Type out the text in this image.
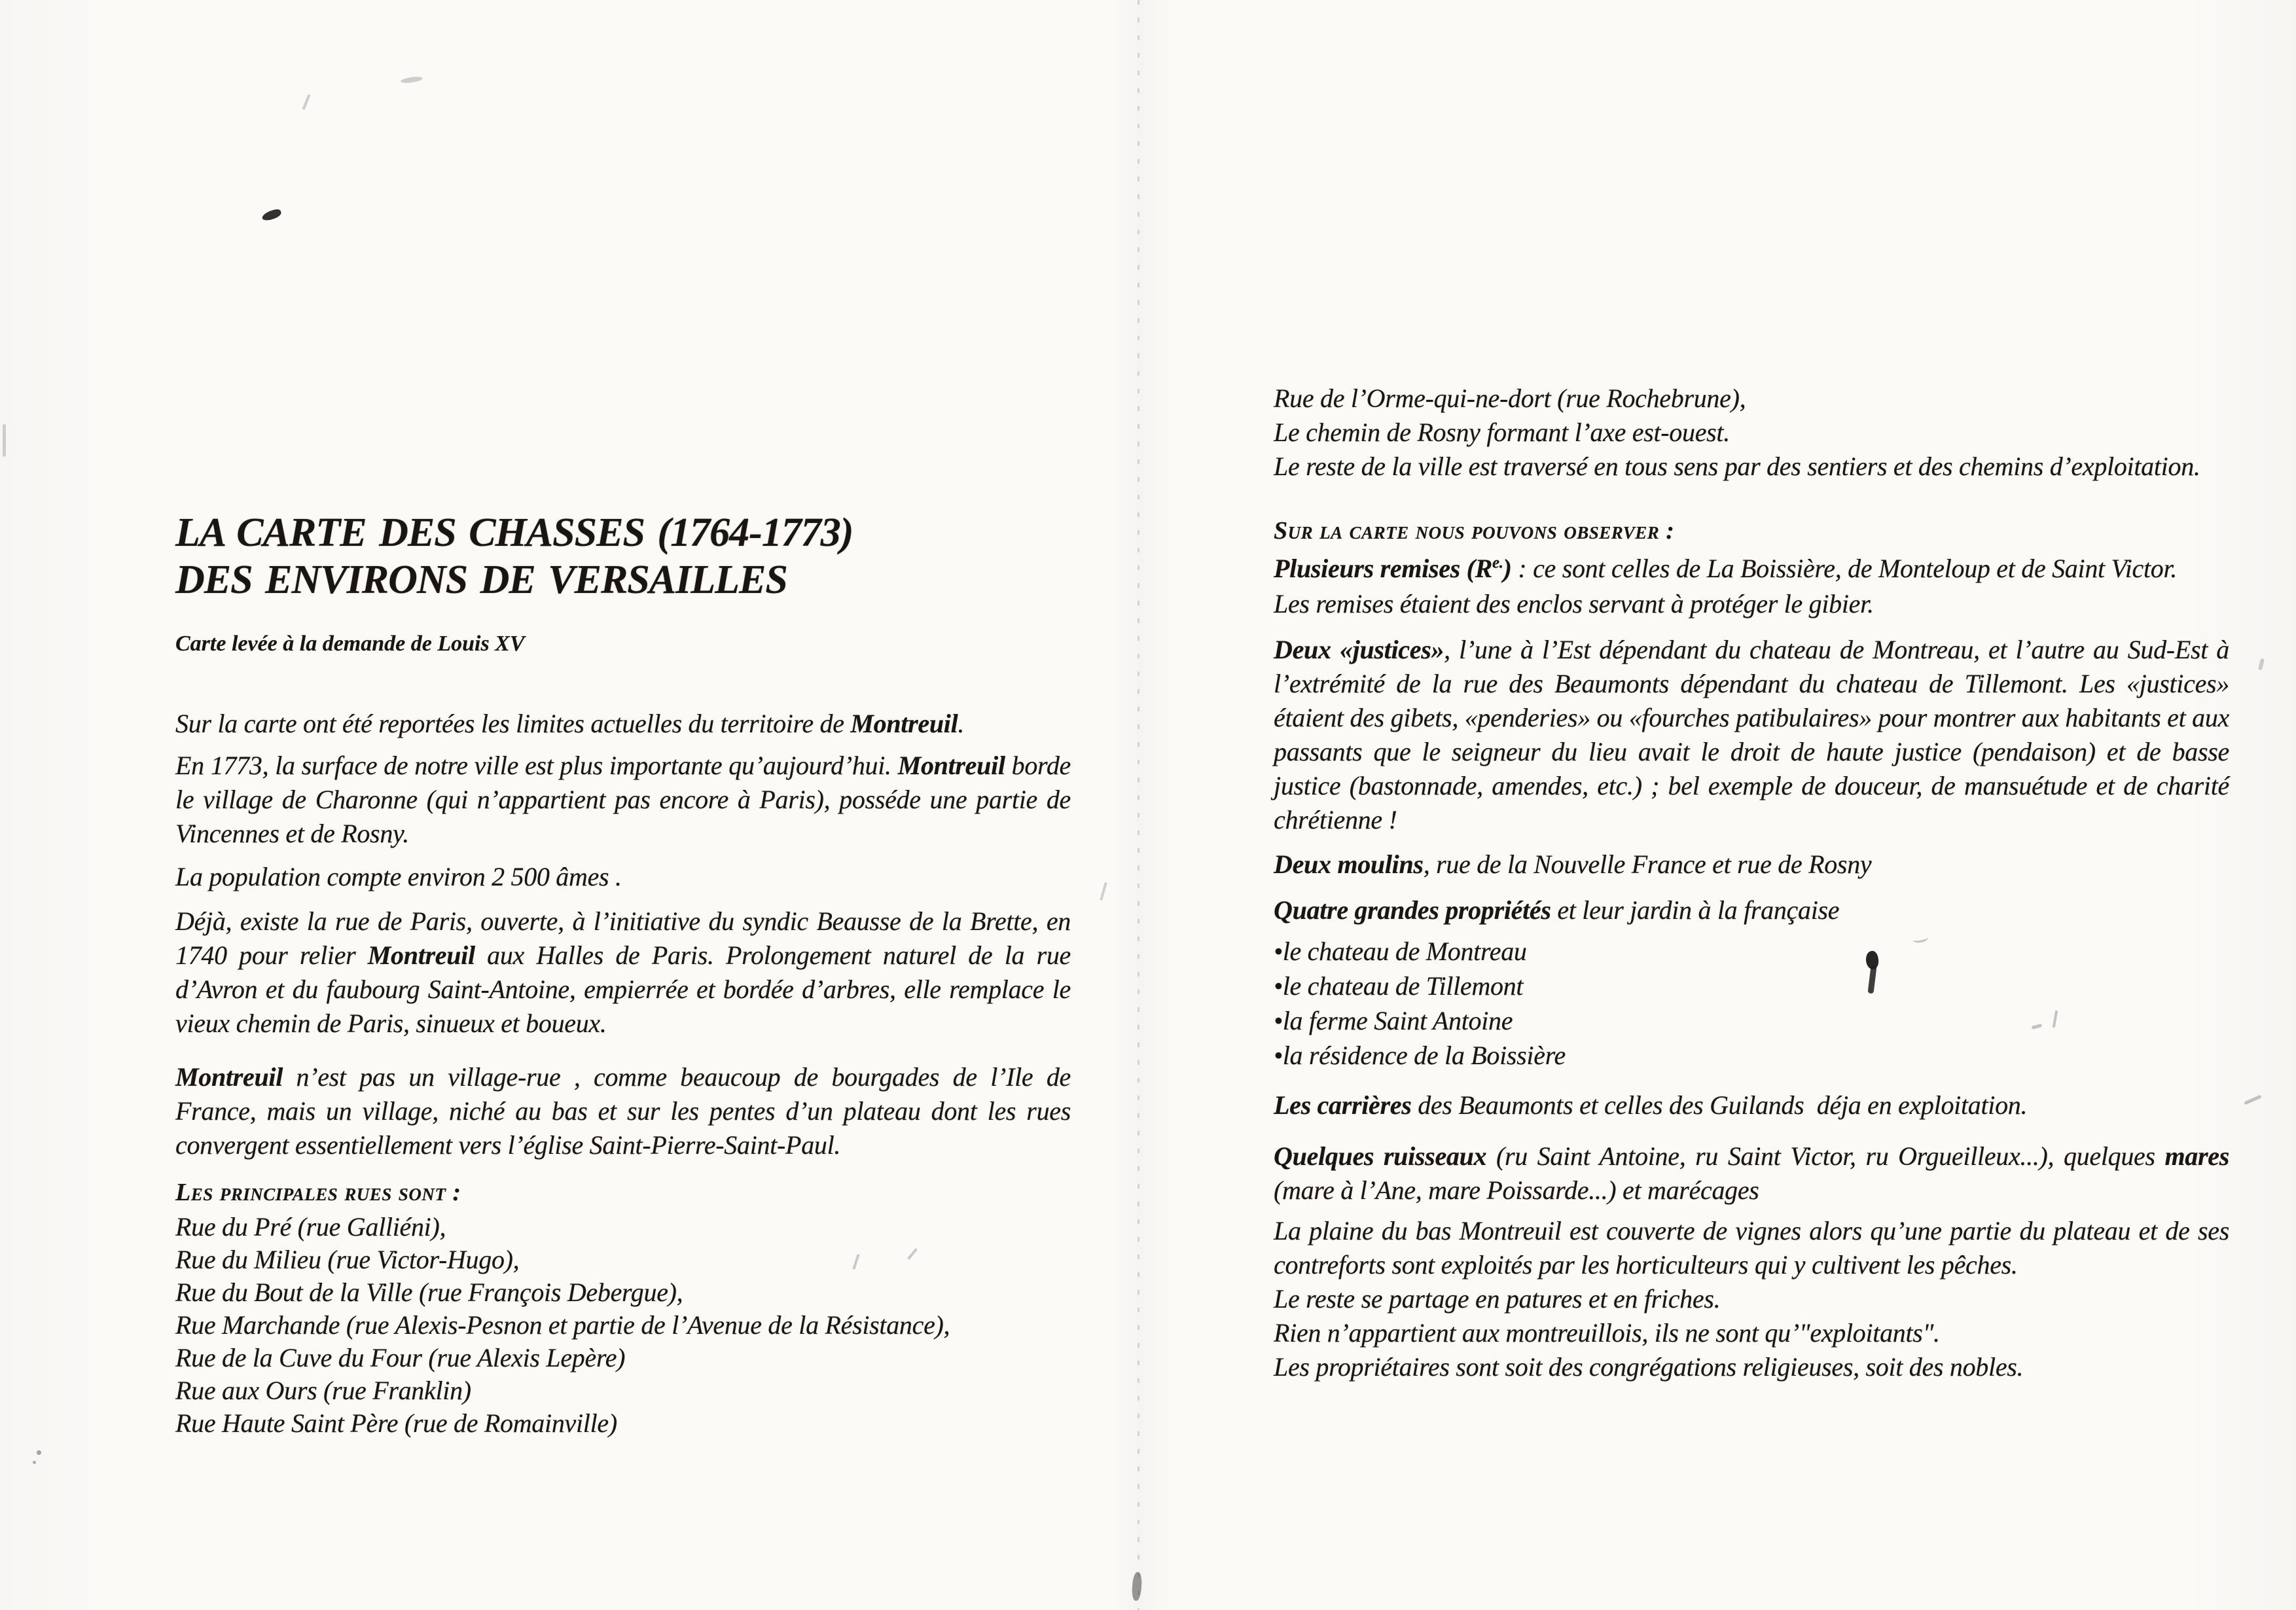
LA CARTE DES CHASSES (1764-1773)
DES ENVIRONS DE VERSAILLES
Carte levée à la demande de Louis XV
Sur la carte ont été reportées les limites actuelles du territoire de Montreuil.
En 1773, la surface de notre ville est plus importante qu’aujourd’hui. Montreuil borde le village de Charonne (qui n’appartient pas encore à Paris), posséde une partie de Vincennes et de Rosny.
La population compte environ 2 500 âmes .
Déjà, existe la rue de Paris, ouverte, à l’initiative du syndic Beausse de la Brette, en 1740 pour relier Montreuil aux Halles de Paris. Prolongement naturel de la rue d’Avron et du faubourg Saint-Antoine, empierrée et bordée d’arbres, elle remplace le vieux chemin de Paris, sinueux et boueux.
Montreuil n’est pas un village-rue , comme beaucoup de bourgades de l’Ile de France, mais un village, niché au bas et sur les pentes d’un plateau dont les rues convergent essentiellement vers l’église Saint-Pierre-Saint-Paul.
Les principales rues sont :
Rue du Pré (rue Galliéni),
Rue du Milieu (rue Victor-Hugo),
Rue du Bout de la Ville (rue François Debergue),
Rue Marchande (rue Alexis-Pesnon et partie de l’Avenue de la Résistance),
Rue de la Cuve du Four (rue Alexis Lepère)
Rue aux Ours (rue Franklin)
Rue Haute Saint Père (rue de Romainville)
Rue de l’Orme-qui-ne-dort (rue Rochebrune),
Le chemin de Rosny formant l’axe est-ouest.
Le reste de la ville est traversé en tous sens par des sentiers et des chemins d’exploitation.
Sur la carte nous pouvons observer :
Plusieurs remises $(R^{e.})$ : ce sont celles de La Boissière, de Monteloup et de Saint Victor.
Les remises étaient des enclos servant à protéger le gibier.
Deux «justices», l’une à l’Est dépendant du chateau de Montreau, et l’autre au Sud-Est à l’extrémité de la rue des Beaumonts dépendant du chateau de Tillemont. Les «justices» étaient des gibets, «penderies» ou «fourches patibulaires» pour montrer aux habitants et aux passants que le seigneur du lieu avait le droit de haute justice (pendaison) et de basse justice (bastonnade, amendes, etc.) ; bel exemple de douceur, de mansuétude et de charité chrétienne !
Deux moulins, rue de la Nouvelle France et rue de Rosny
Quatre grandes propriétés et leur jardin à la française
•le chateau de Montreau
•le chateau de Tillemont
•la ferme Saint Antoine
•la résidence de la Boissière
Les carrières des Beaumonts et celles des Guilands  déja en exploitation.
Quelques ruisseaux (ru Saint Antoine, ru Saint Victor, ru Orgueilleux...), quelques mares (mare à l’Ane, mare Poissarde...) et marécages
La plaine du bas Montreuil est couverte de vignes alors qu’une partie du plateau et de ses contreforts sont exploités par les horticulteurs qui y cultivent les pêches.
Le reste se partage en patures et en friches.
Rien n’appartient aux montreuillois, ils ne sont qu’"exploitants".
Les propriétaires sont soit des congrégations religieuses, soit des nobles.
